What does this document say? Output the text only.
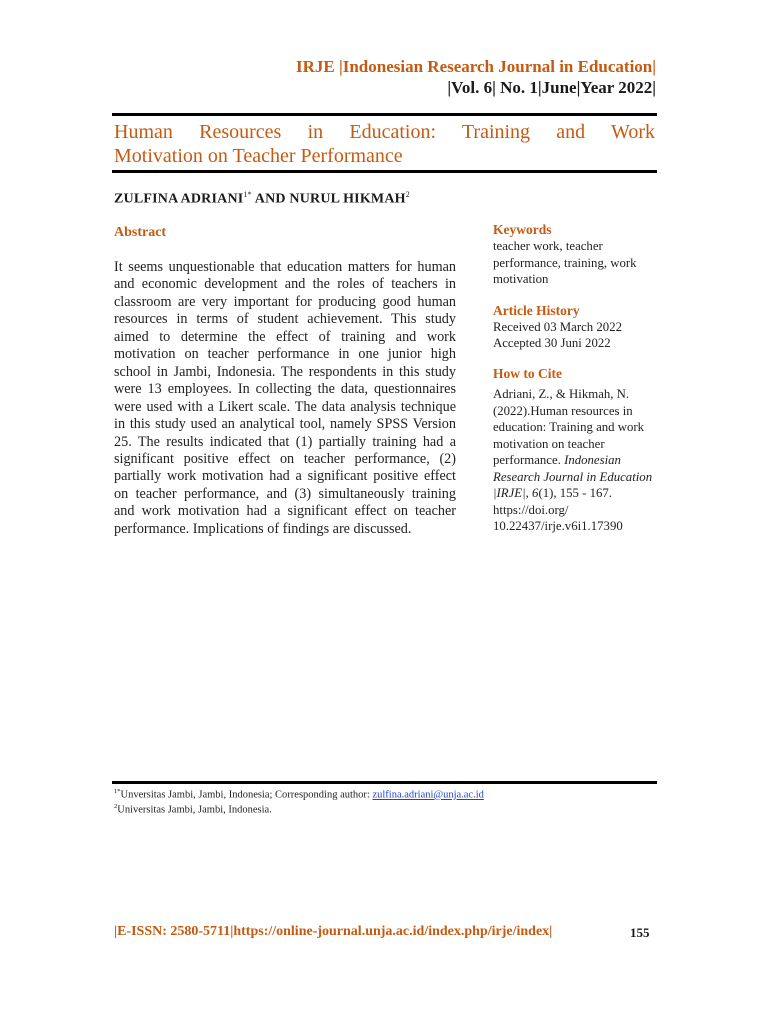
IRJE |Indonesian Research Journal in Education|
|Vol. 6| No. 1|June|Year 2022|
Human Resources in Education: Training and Work
Motivation on Teacher Performance
ZULFINA $ADRIANI^{1*}$ AND NURUL HIKMAH$^2$
Abstract
It seems unquestionable that education matters for human and economic development and the roles of teachers in classroom are very important for producing good human resources in terms of student achievement. This study aimed to determine the effect of training and work motivation on teacher performance in one junior high school in Jambi, Indonesia. The respondents in this study were 13 employees. In collecting the data, questionnaires were used with a Likert scale. The data analysis technique in this study used an analytical tool, namely SPSS Version 25. The results indicated that (1) partially training had a significant positive effect on teacher performance, (2) partially work motivation had a significant positive effect on teacher performance, and (3) simultaneously training and work motivation had a significant effect on teacher performance. Implications of findings are discussed.
Keywords
teacher work, teacher performance, training, work motivation
Article History
Received 03 March 2022
Accepted 30 Juni 2022
How to Cite
Adriani, Z., & Hikmah, N. (2022).Human resources in education: Training and work motivation on teacher performance. Indonesian Research Journal in Education |IRJE|, 6(1), 155 - 167. https://doi.org/ 10.22437/irje.v6i1.17390
$^{1*}$Unversitas Jambi, Jambi, Indonesia; Corresponding author: zulfina.adriani@unja.ac.id
$^2$Universitas Jambi, Jambi, Indonesia.
|E-ISSN: 2580-5711|https://online-journal.unja.ac.id/index.php/irje/index|	155
